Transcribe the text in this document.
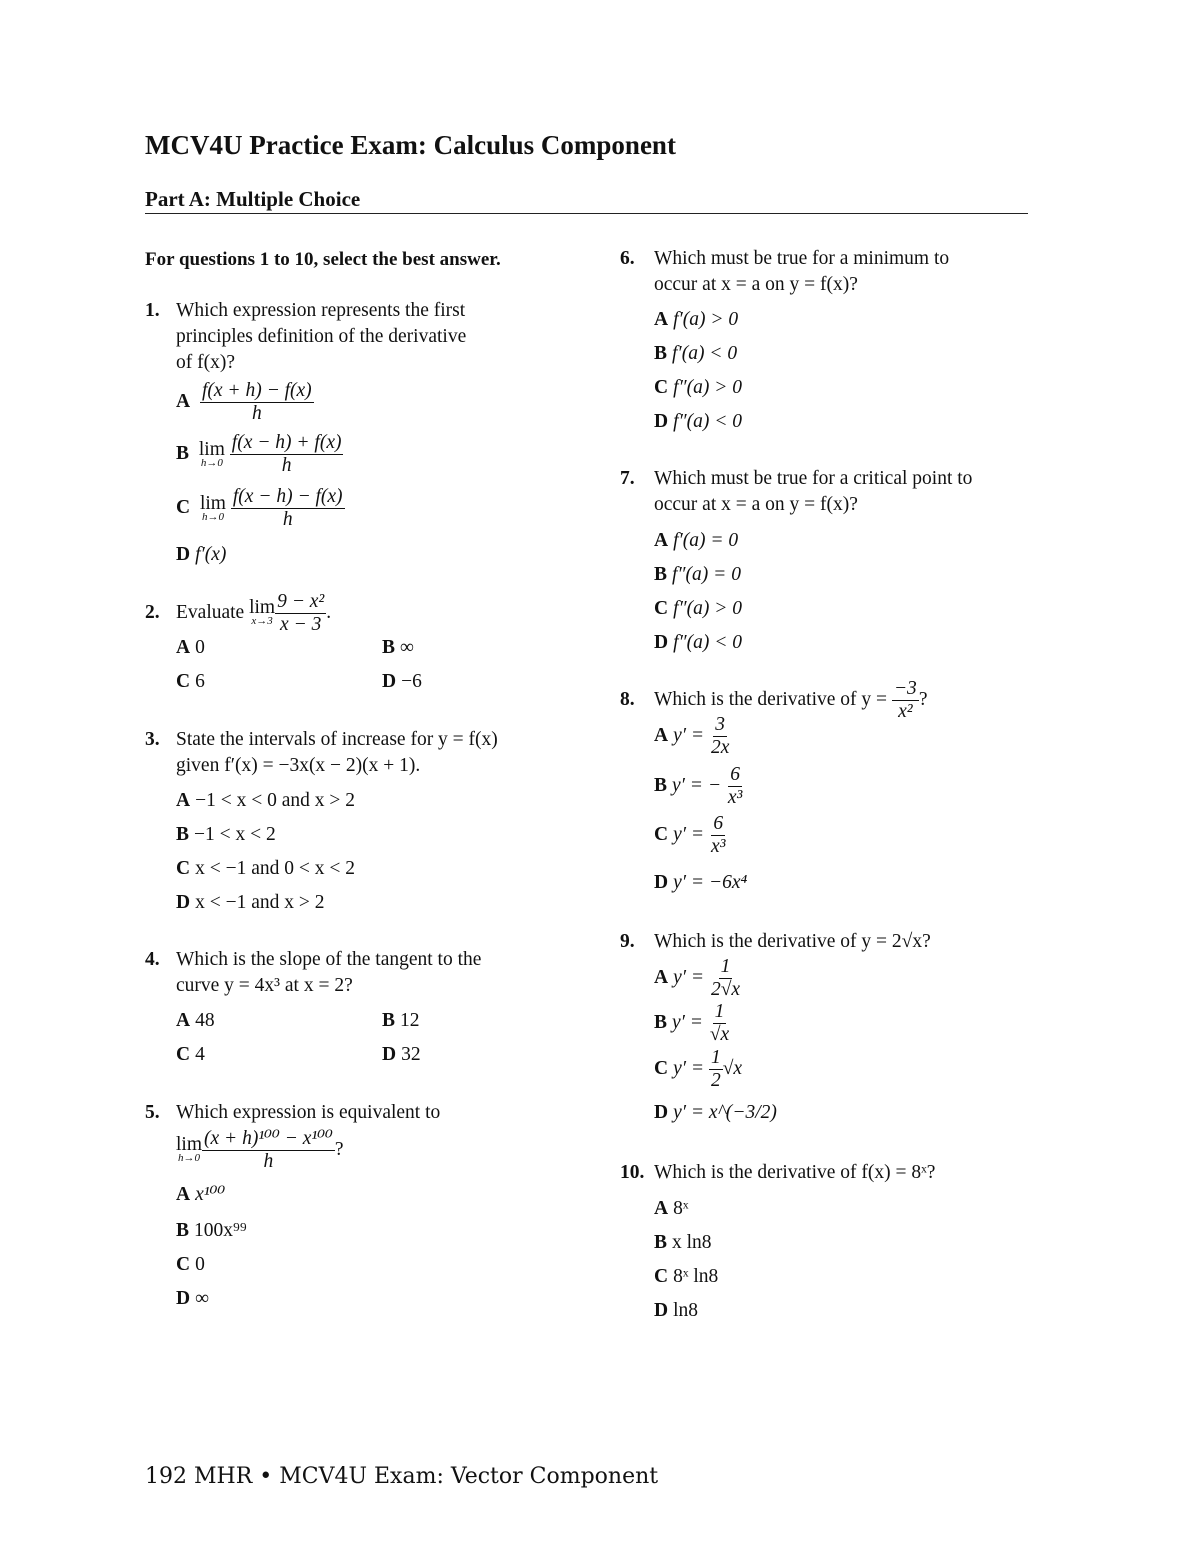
MCV4U Practice Exam: Calculus Component
Part A: Multiple Choice
For questions 1 to 10, select the best answer.
1. Which expression represents the first
principles definition of the derivative
of f(x)?
A $\frac{f(x + h) - f(x)}{h}$
B lim
h→0
$\frac{f(x - h) + f(x)}{h}$
C lim
h→0
$\frac{f(x - h) - f(x)}{h}$
D f′(x)
2. Evaluate
lim
$x\to 3 \frac{\text{9 − x²}}{x - 3}$ .
A 0	B ∞
C 6	D −6
3. State the intervals of increase for y = f(x)
given f′(x) = −3x(x − 2)(x + 1).
A −1 < x < 0 and x > 2
B −1 < x < 2
C x < −1 and 0 < x < 2
D x < −1 and x > 2
4. Which is the slope of the tangent to the
curve y = 4x³ at x = 2?
A 48	B 12
C 4	D 32
5. Which expression is equivalent to
lim
$h\to 0 \frac{\text{(x + h)¹⁰⁰ − x¹⁰⁰}}{h}$ ?
A x¹⁰⁰
B 100x⁹⁹
C 0
D ∞
6. Which must be true for a minimum to
occur at x = a on y = f(x)?
A f′(a) > 0
B f′(a) < 0
C f″(a) > 0
D f″(a) < 0
7. Which must be true for a critical point to
occur at x = a on y = f(x)?
A f′(a) = 0
B f″(a) = 0
C f″(a) > 0
D f″(a) < 0
8. Which is the derivative of y =
$\frac{-3}{\text{x²}}$ ?
A y′ =
$\frac{3}{2x}$
B y′ = −
$\frac{6}{\text{x³}}$
C y′ =
$\frac{6}{\text{x³}}$
D y′ = −6x⁴
9. Which is the derivative of y = 2√x?
A y′ =
$\frac{1}{2√x}$
B y′ =
$\frac{1}{√x}$
C y′ =
$\frac{1}{2} √x$
D y′ = x^(−3/2)
10. Which is the derivative of f(x) = 8ˣ?
A 8ˣ
B x ln8
C 8ˣ ln8
D ln8
192 MHR • MCV4U Exam: Vector Component
